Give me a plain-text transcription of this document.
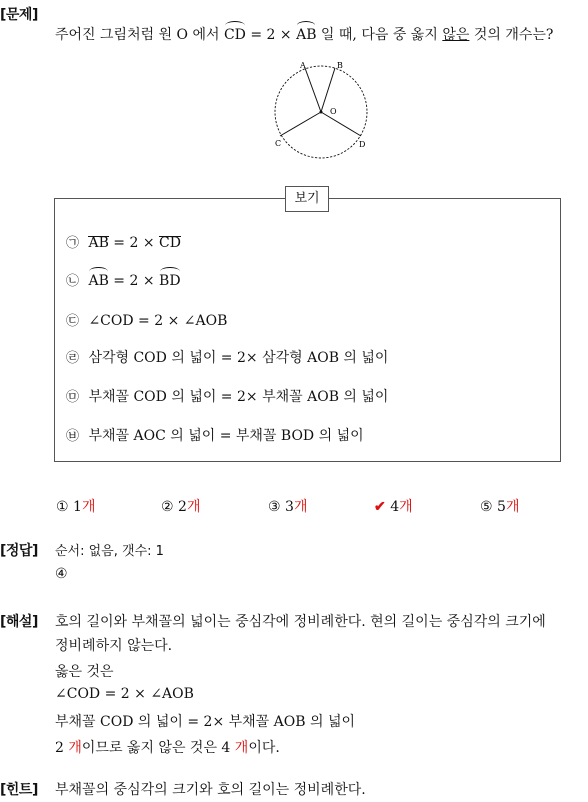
[문제]
주어진 그림처럼 원 O 에서 CD = 2 × AB 일 때, 다음 중 옳지 않은 것의 개수는?
A	B
O
C	D
보기
㉠ AB = 2 × CD
㉡ AB = 2 × BD
㉢ ∠COD = 2 × ∠AOB
㉣ 삼각형 COD 의 넓이 = 2× 삼각형 AOB 의 넓이
㉤ 부채꼴 COD 의 넓이 = 2× 부채꼴 AOB 의 넓이
㉥ 부채꼴 AOC 의 넓이 = 부채꼴 BOD 의 넓이
① 1개	② 2개	③ 3개	✔ 4개	⑤ 5개
[정답] 순서: 없음, 갯수: 1
④
[해설] 호의 길이와 부채꼴의 넓이는 중심각에 정비례한다. 현의 길이는 중심각의 크기에
정비례하지 않는다.
옳은 것은
∠COD = 2 × ∠AOB
부채꼴 COD 의 넓이 = 2× 부채꼴 AOB 의 넓이
2 개이므로 옳지 않은 것은 4 개이다.
[힌트] 부채꼴의 중심각의 크기와 호의 길이는 정비례한다.
